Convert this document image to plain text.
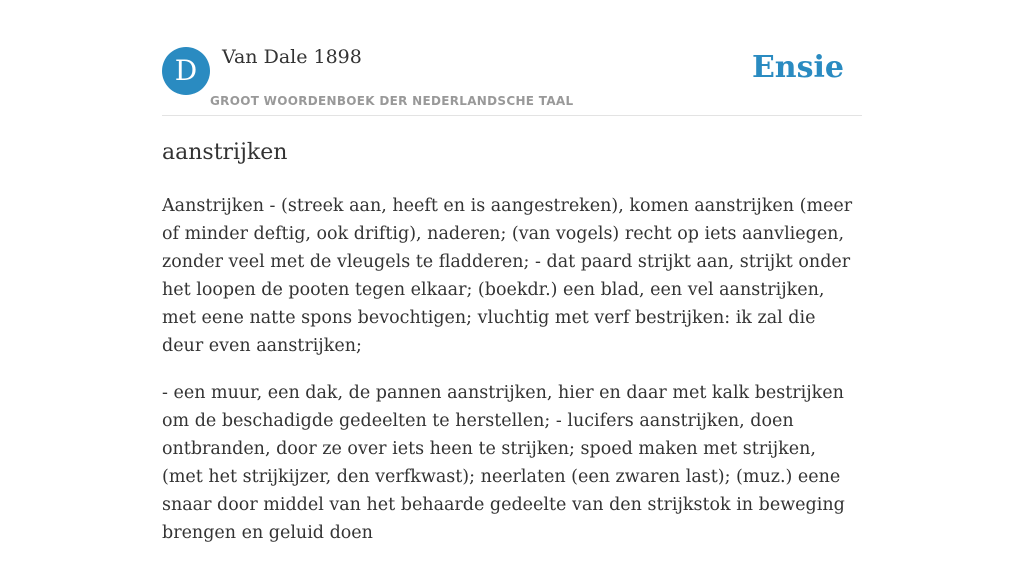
D	Van Dale 1898
GROOT WOORDENBOEK DER NEDERLANDSCHE TAAL
Ensie
aanstrijken

Aanstrijken - (streek aan, heeft en is aangestreken), komen aanstrijken (meer of minder deftig, ook driftig), naderen; (van vogels) recht op iets aanvliegen, zonder veel met de vleugels te fladderen; - dat paard strijkt aan, strijkt onder het loopen de pooten tegen elkaar; (boekdr.) een blad, een vel aanstrijken, met eene natte spons bevochtigen; vluchtig met verf bestrijken: ik zal die deur even aanstrijken;

- een muur, een dak, de pannen aanstrijken, hier en daar met kalk bestrijken om de beschadigde gedeelten te herstellen; - lucifers aanstrijken, doen ontbranden, door ze over iets heen te strijken; spoed maken met strijken, (met het strijkijzer, den verfkwast); neerlaten (een zwaren last); (muz.) eene snaar door middel van het behaarde gedeelte van den strijkstok in beweging brengen en geluid doen
